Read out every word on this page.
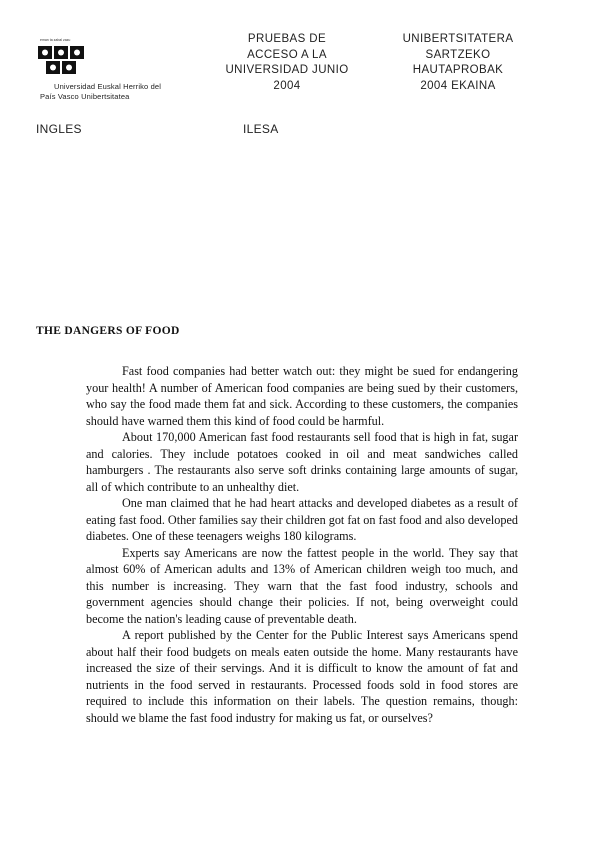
eman ta zabal zazu
Universidad Euskal Herriko del
País Vasco Unibertsitatea
PRUEBAS DE
ACCESO A LA
UNIVERSIDAD JUNIO
2004
UNIBERTSITATERA
SARTZEKO
HAUTAPROBAK
2004 EKAINA
INGLES	ILESA
THE DANGERS OF FOOD

Fast food companies had better watch out: they might be sued for endangering your health! A number of American food companies are being sued by their customers, who say the food made them fat and sick. According to these customers, the companies should have warned them this kind of food could be harmful.

About 170,000 American fast food restaurants sell food that is high in fat, sugar and calories. They include potatoes cooked in oil and meat sandwiches called hamburgers . The restaurants also serve soft drinks containing large amounts of sugar, all of which contribute to an unhealthy diet.

One man claimed that he had heart attacks and developed diabetes as a result of eating fast food. Other families say their children got fat on fast food and also developed diabetes. One of these teenagers weighs 180 kilograms.

Experts say Americans are now the fattest people in the world. They say that almost 60% of American adults and 13% of American children weigh too much, and this number is increasing. They warn that the fast food industry, schools and government agencies should change their policies. If not, being overweight could become the nation's leading cause of preventable death.

A report published by the Center for the Public Interest says Americans spend about half their food budgets on meals eaten outside the home. Many restaurants have increased the size of their servings. And it is difficult to know the amount of fat and nutrients in the food served in restaurants. Processed foods sold in food stores are required to include this information on their labels. The question remains, though: should we blame the fast food industry for making us fat, or ourselves?
